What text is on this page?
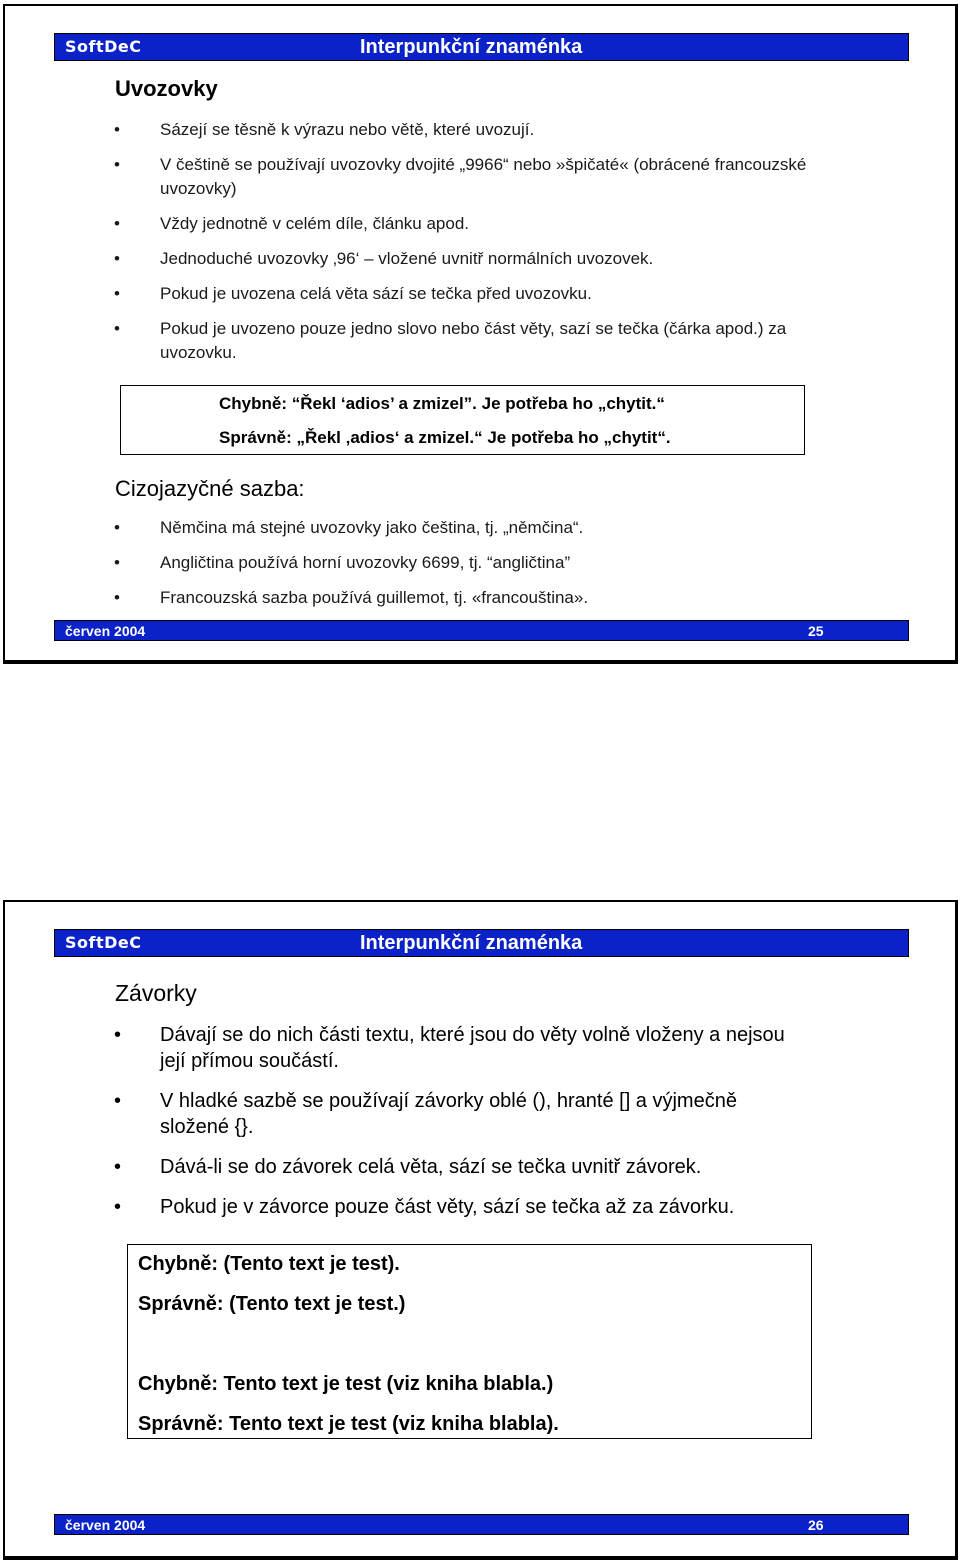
SoftDeC	Interpunkční znaménka
Uvozovky
• Sázejí se těsně k výrazu nebo větě, které uvozují.
• V češtině se používají uvozovky dvojité „9966“ nebo »špičaté« (obrácené francouzské uvozovky)
• Vždy jednotně v celém díle, článku apod.
• Jednoduché uvozovky ‚96‘ – vložené uvnitř normálních uvozovek.
• Pokud je uvozena celá věta sází se tečka před uvozovku.
• Pokud je uvozeno pouze jedno slovo nebo část věty, sazí se tečka (čárka apod.) za uvozovku.
Chybně: “Řekl ‘adios’ a zmizel”. Je potřeba ho „chytit.“
Správně: „Řekl ‚adios‘ a zmizel.“ Je potřeba ho „chytit“.
Cizojazyčné sazba:
• Němčina má stejné uvozovky jako čeština, tj. „němčina“.
• Angličtina používá horní uvozovky 6699, tj. “angličtina”
• Francouzská sazba používá guillemot, tj. «francouština».
červen 2004	25
SoftDeC	Interpunkční znaménka
Závorky
• Dávají se do nich části textu, které jsou do věty volně vloženy a nejsou její přímou součástí.
• V hladké sazbě se používají závorky oblé (), hranté [] a výjmečně složené {}.
• Dává-li se do závorek celá věta, sází se tečka uvnitř závorek.
• Pokud je v závorce pouze část věty, sází se tečka až za závorku.
Chybně: (Tento text je test).
Správně: (Tento text je test.)
Chybně: Tento text je test (viz kniha blabla.)
Správně: Tento text je test (viz kniha blabla).
červen 2004	26
